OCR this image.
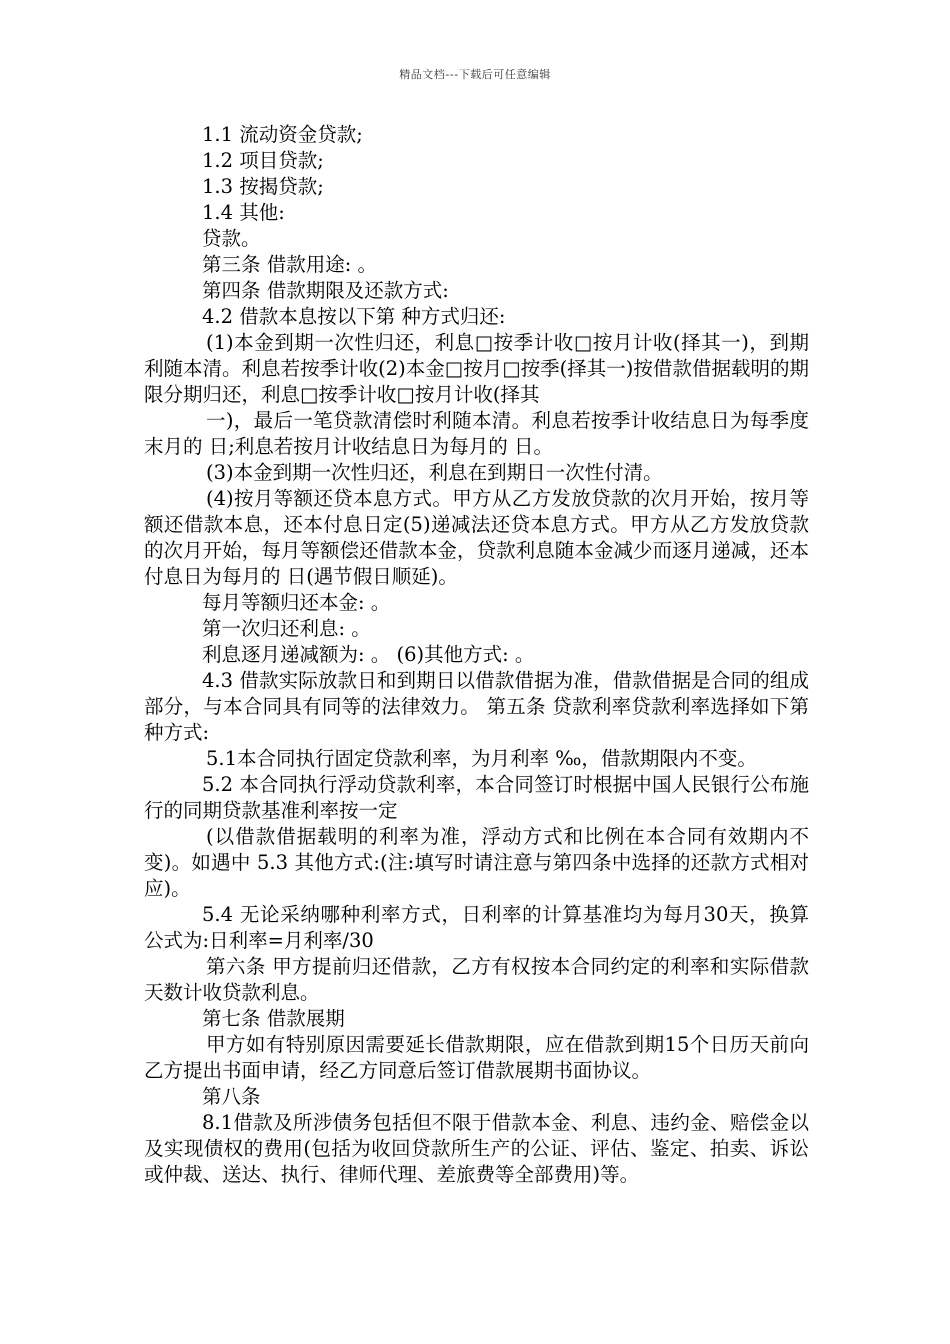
精品文档---下载后可任意编辑

1.1 流动资金贷款;

1.2 项目贷款;

1.3 按揭贷款;

1.4 其他:

贷款。

第三条 借款用途: 。

第四条 借款期限及还款方式:

4.2 借款本息按以下第 种方式归还:

(1)本金到期一次性归还，利息□按季计收□按月计收(择其一)，到期利随本清。利息若按季计收(2)本金□按月□按季(择其一)按借款借据载明的期限分期归还，利息□按季计收□按月计收(择其

一)，最后一笔贷款清偿时利随本清。利息若按季计收结息日为每季度末月的 日;利息若按月计收结息日为每月的 日。

(3)本金到期一次性归还，利息在到期日一次性付清。

(4)按月等额还贷本息方式。甲方从乙方发放贷款的次月开始，按月等额还借款本息，还本付息日定(5)递减法还贷本息方式。甲方从乙方发放贷款的次月开始，每月等额偿还借款本金，贷款利息随本金减少而逐月递减，还本付息日为每月的 日(遇节假日顺延)。

每月等额归还本金: 。

第一次归还利息: 。

利息逐月递减额为: 。 (6)其他方式: 。

4.3 借款实际放款日和到期日以借款借据为准，借款借据是合同的组成部分，与本合同具有同等的法律效力。 第五条 贷款利率贷款利率选择如下第种方式:

5.1本合同执行固定贷款利率，为月利率 ‰，借款期限内不变。

5.2 本合同执行浮动贷款利率，本合同签订时根据中国人民银行公布施行的同期贷款基准利率按一定

(以借款借据载明的利率为准，浮动方式和比例在本合同有效期内不变)。如遇中 5.3 其他方式:(注:填写时请注意与第四条中选择的还款方式相对应)。

5.4 无论采纳哪种利率方式，日利率的计算基准均为每月30天，换算公式为:日利率=月利率/30

第六条 甲方提前归还借款，乙方有权按本合同约定的利率和实际借款天数计收贷款利息。

第七条 借款展期

甲方如有特别原因需要延长借款期限，应在借款到期15个日历天前向乙方提出书面申请，经乙方同意后签订借款展期书面协议。

第八条

8.1借款及所涉债务包括但不限于借款本金、利息、违约金、赔偿金以及实现债权的费用(包括为收回贷款所生产的公证、评估、鉴定、拍卖、诉讼或仲裁、送达、执行、律师代理、差旅费等全部费用)等。
